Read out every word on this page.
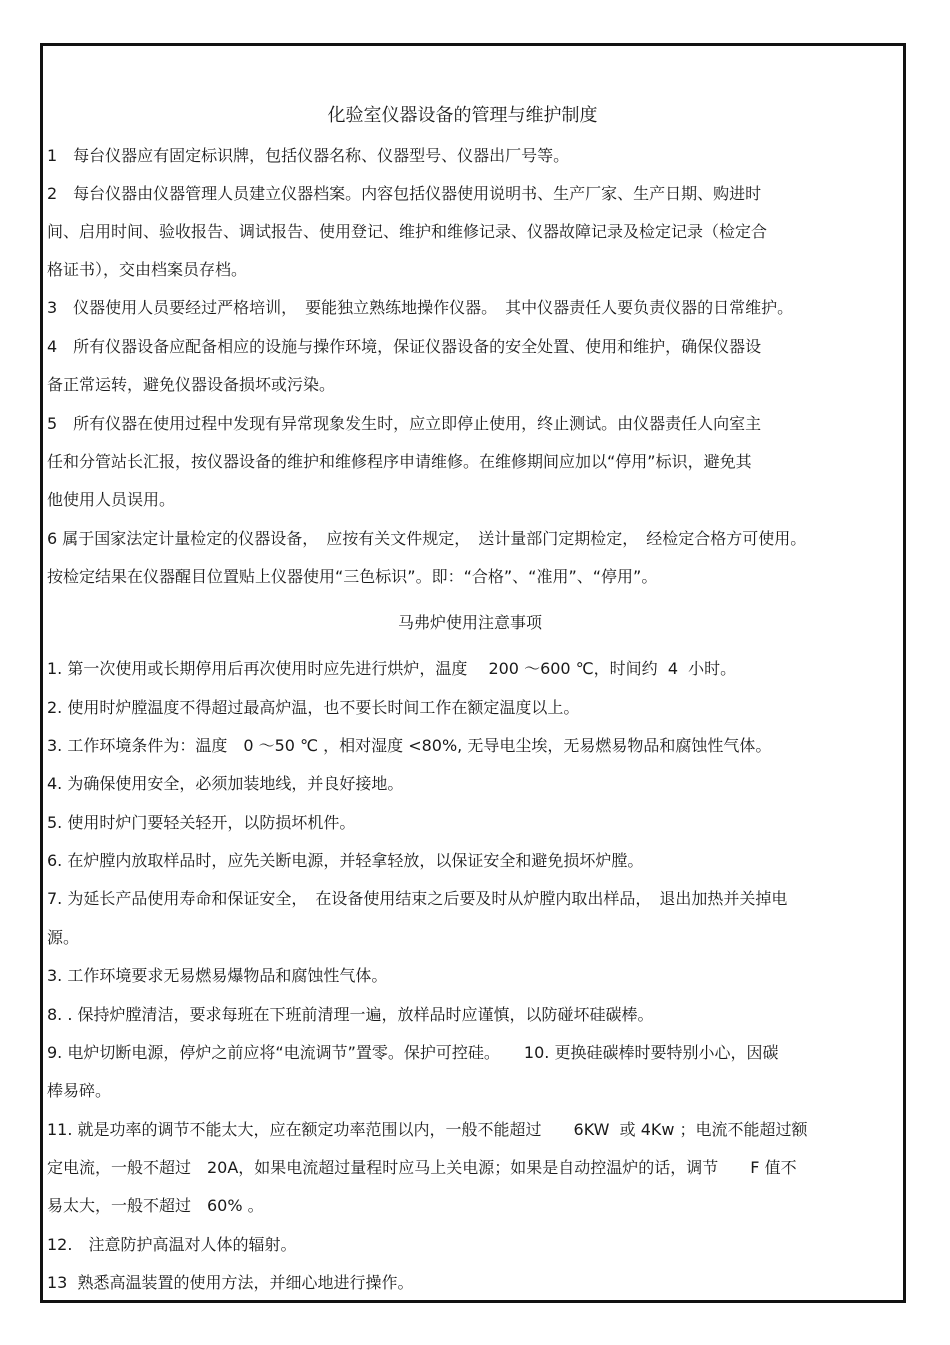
化验室仪器设备的管理与维护制度
1　每台仪器应有固定标识牌，包括仪器名称、仪器型号、仪器出厂号等。
2　每台仪器由仪器管理人员建立仪器档案。内容包括仪器使用说明书、生产厂家、生产日期、购进时
间、启用时间、验收报告、调试报告、使用登记、维护和维修记录、仪器故障记录及检定记录（检定合
格证书），交由档案员存档。
3　仪器使用人员要经过严格培训，　要能独立熟练地操作仪器。　其中仪器责任人要负责仪器的日常维护。
4　所有仪器设备应配备相应的设施与操作环境，保证仪器设备的安全处置、使用和维护，确保仪器设
备正常运转，避免仪器设备损坏或污染。
5　所有仪器在使用过程中发现有异常现象发生时，应立即停止使用，终止测试。由仪器责任人向室主
任和分管站长汇报，按仪器设备的维护和维修程序申请维修。在维修期间应加以“停用”标识，避免其
他使用人员误用。
6 属于国家法定计量检定的仪器设备，　应按有关文件规定，　送计量部门定期检定，　经检定合格方可使用。
按检定结果在仪器醒目位置贴上仪器使用“三色标识”。即：“合格”、“准用”、“停用”。
马弗炉使用注意事项
1. 第一次使用或长期停用后再次使用时应先进行烘炉，温度　 200 ～600 ℃，时间约  4  小时。
2. 使用时炉膛温度不得超过最高炉温，也不要长时间工作在额定温度以上。
3. 工作环境条件为：温度　0 ～50 ℃ ，相对湿度 <80%, 无导电尘埃，无易燃易物品和腐蚀性气体。
4. 为确保使用安全，必须加装地线，并良好接地。
5. 使用时炉门要轻关轻开，以防损坏机件。
6. 在炉膛内放取样品时，应先关断电源，并轻拿轻放，以保证安全和避免损坏炉膛。
7. 为延长产品使用寿命和保证安全，　在设备使用结束之后要及时从炉膛内取出样品，　退出加热并关掉电
源。
3. 工作环境要求无易燃易爆物品和腐蚀性气体。
8. . 保持炉膛清洁，要求每班在下班前清理一遍，放样品时应谨慎，以防碰坏硅碳棒。
9. 电炉切断电源，停炉之前应将“电流调节”置零。保护可控硅。　　10. 更换硅碳棒时要特别小心，因碳
棒易碎。
11. 就是功率的调节不能太大，应在额定功率范围以内，一般不能超过　　6KW  或 4Kw ；电流不能超过额
定电流，一般不超过　20A，如果电流超过量程时应马上关电源；如果是自动控温炉的话，调节　　F 值不
易太大，一般不超过　60% 。
12.　注意防护高温对人体的辐射。
13  熟悉高温装置的使用方法，并细心地进行操作。
